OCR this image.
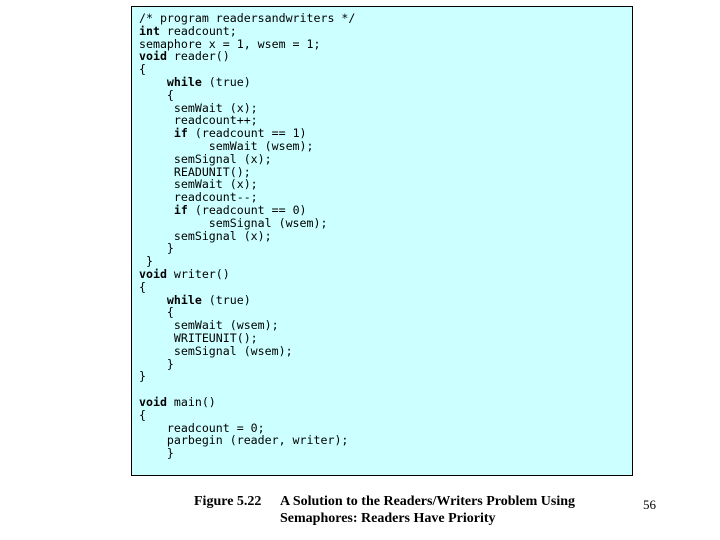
/* program readersandwriters */
int readcount;
semaphore x = 1, wsem = 1;
void reader()
{
while (true)
{
semWait (x);
readcount++;
if (readcount == 1)
semWait (wsem);
semSignal (x);
READUNIT();
semWait (x);
readcount--;
if (readcount == 0)
semSignal (wsem);
semSignal (x);
}
}
void writer()
{
while (true)
{
semWait (wsem);
WRITEUNIT();
semSignal (wsem);
}
}

void main()
{
readcount = 0;
parbegin (reader, writer);
}
Figure 5.22	A Solution to the Readers/Writers Problem Using
Semaphores: Readers Have Priority
56
